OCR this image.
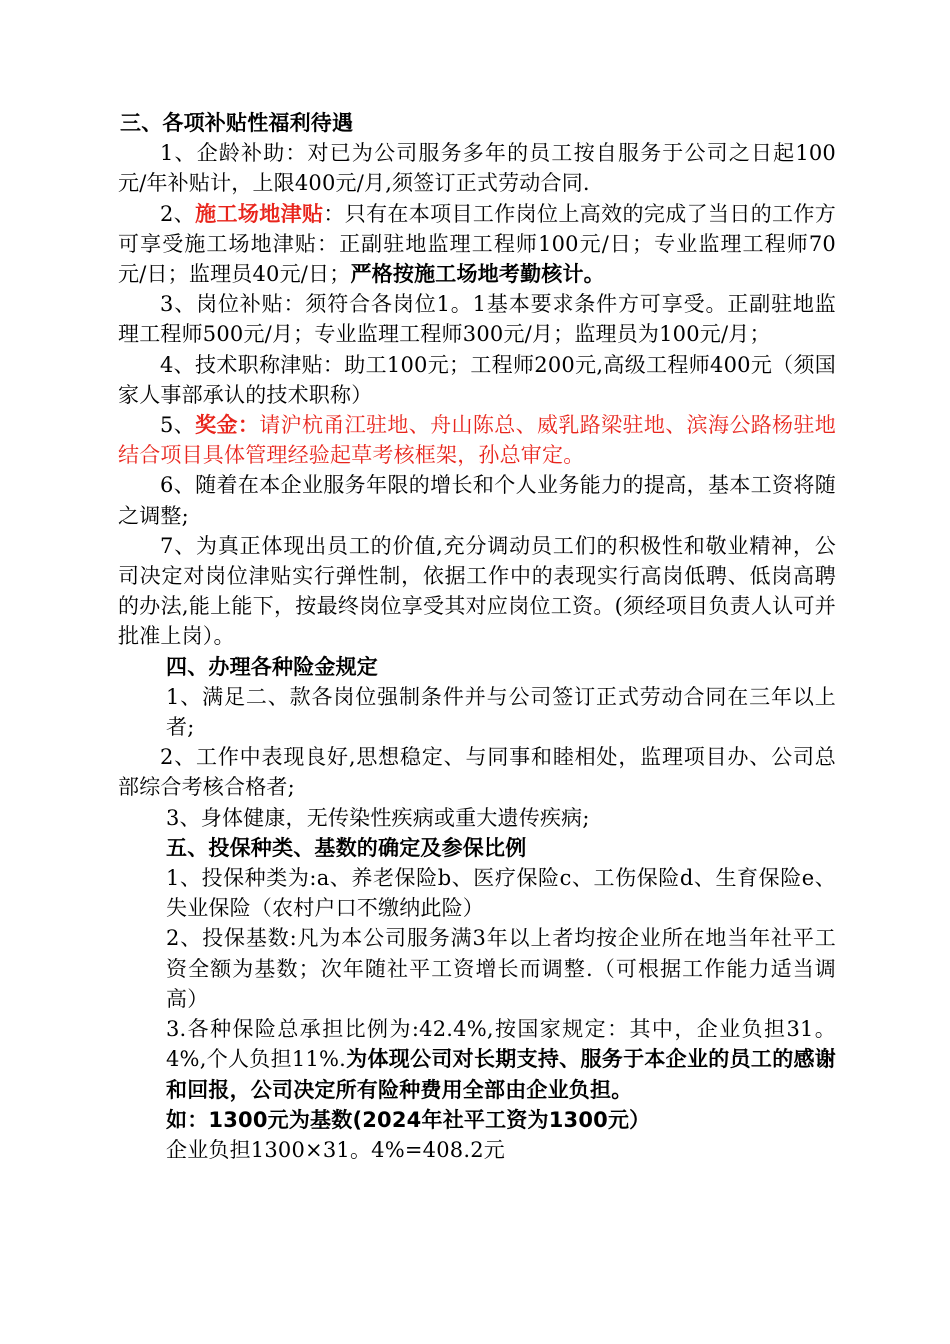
三、各项补贴性福利待遇

1、企龄补助：对已为公司服务多年的员工按自服务于公司之日起100元/年补贴计，上限400元/月,须签订正式劳动合同.

2、施工场地津贴：只有在本项目工作岗位上高效的完成了当日的工作方可享受施工场地津贴：正副驻地监理工程师100元/日；专业监理工程师70元/日；监理员40元/日；严格按施工场地考勤核计。

3、岗位补贴：须符合各岗位1。1基本要求条件方可享受。正副驻地监理工程师500元/月；专业监理工程师300元/月；监理员为100元/月；

4、技术职称津贴：助工100元；工程师200元,高级工程师400元（须国家人事部承认的技术职称）

5、奖金：请沪杭甬江驻地、舟山陈总、威乳路梁驻地、滨海公路杨驻地结合项目具体管理经验起草考核框架，孙总审定。

6、随着在本企业服务年限的增长和个人业务能力的提高，基本工资将随之调整;

7、为真正体现出员工的价值,充分调动员工们的积极性和敬业精神，公司决定对岗位津贴实行弹性制，依据工作中的表现实行高岗低聘、低岗高聘的办法,能上能下，按最终岗位享受其对应岗位工资。(须经项目负责人认可并批准上岗）。

四、办理各种险金规定

1、满足二、款各岗位强制条件并与公司签订正式劳动合同在三年以上者;

2、工作中表现良好,思想稳定、与同事和睦相处，监理项目办、公司总部综合考核合格者;

3、身体健康，无传染性疾病或重大遗传疾病;

五、投保种类、基数的确定及参保比例

1、投保种类为:a、养老保险b、医疗保险c、工伤保险d、生育保险e、失业保险（农村户口不缴纳此险）

2、投保基数:凡为本公司服务满3年以上者均按企业所在地当年社平工资全额为基数；次年随社平工资增长而调整.（可根据工作能力适当调高）

3.各种保险总承担比例为:42.4%,按国家规定：其中，企业负担31。4%,个人负担11%.为体现公司对长期支持、服务于本企业的员工的感谢和回报，公司决定所有险种费用全部由企业负担。

如：1300元为基数(2024年社平工资为1300元）

企业负担1300×31。4%=408.2元
